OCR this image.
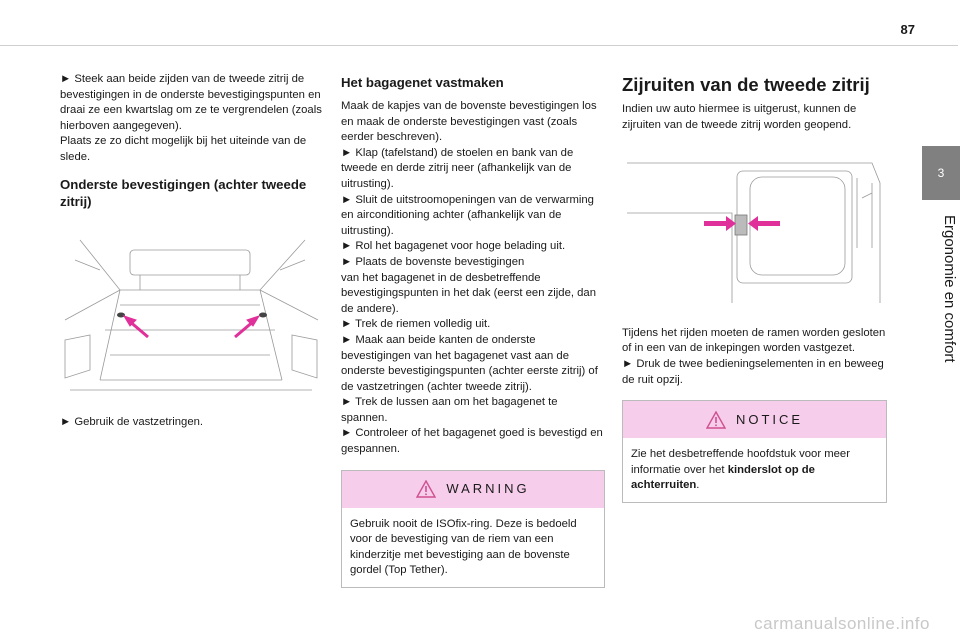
87
3
Ergonomie en comfort

► Steek aan beide zijden van de tweede zitrij de bevestigingen in de onderste bevestigingspunten en draai ze een kwartslag om ze te vergrendelen (zoals hierboven aangegeven).
Plaats ze zo dicht mogelijk bij het uiteinde van de slede.

Onderste bevestigingen (achter tweede zitrij)

► Gebruik de vastzetringen.

Het bagagenet vastmaken

Maak de kapjes van de bovenste bevestigingen los en maak de onderste bevestigingen vast (zoals eerder beschreven).
► Klap (tafelstand) de stoelen en bank van de tweede en derde zitrij neer (afhankelijk van de uitrusting).
► Sluit de uitstroomopeningen van de verwarming en airconditioning achter (afhankelijk van de uitrusting).
► Rol het bagagenet voor hoge belading uit.
► Plaats de bovenste bevestigingen
van het bagagenet in de desbetreffende bevestigingspunten in het dak (eerst een zijde, dan de andere).
► Trek de riemen volledig uit.
► Maak aan beide kanten de onderste bevestigingen van het bagagenet vast aan de onderste bevestigingspunten (achter eerste zitrij) of de vastzetringen (achter tweede zitrij).
► Trek de lussen aan om het bagagenet te spannen.
► Controleer of het bagagenet goed is bevestigd en gespannen.

WARNING

Gebruik nooit de ISOfix-ring. Deze is bedoeld voor de bevestiging van de riem van een kinderzitje met bevestiging aan de bovenste gordel (Top Tether).

Zijruiten van de tweede zitrij

Indien uw auto hiermee is uitgerust, kunnen de zijruiten van de tweede zitrij worden geopend.

Tijdens het rijden moeten de ramen worden gesloten of in een van de inkepingen worden vastgezet.
► Druk de twee bedieningselementen in en beweeg de ruit opzij.

NOTICE

Zie het desbetreffende hoofdstuk voor meer informatie over het kinderslot op de achterruiten.

carmanualsonline.info
